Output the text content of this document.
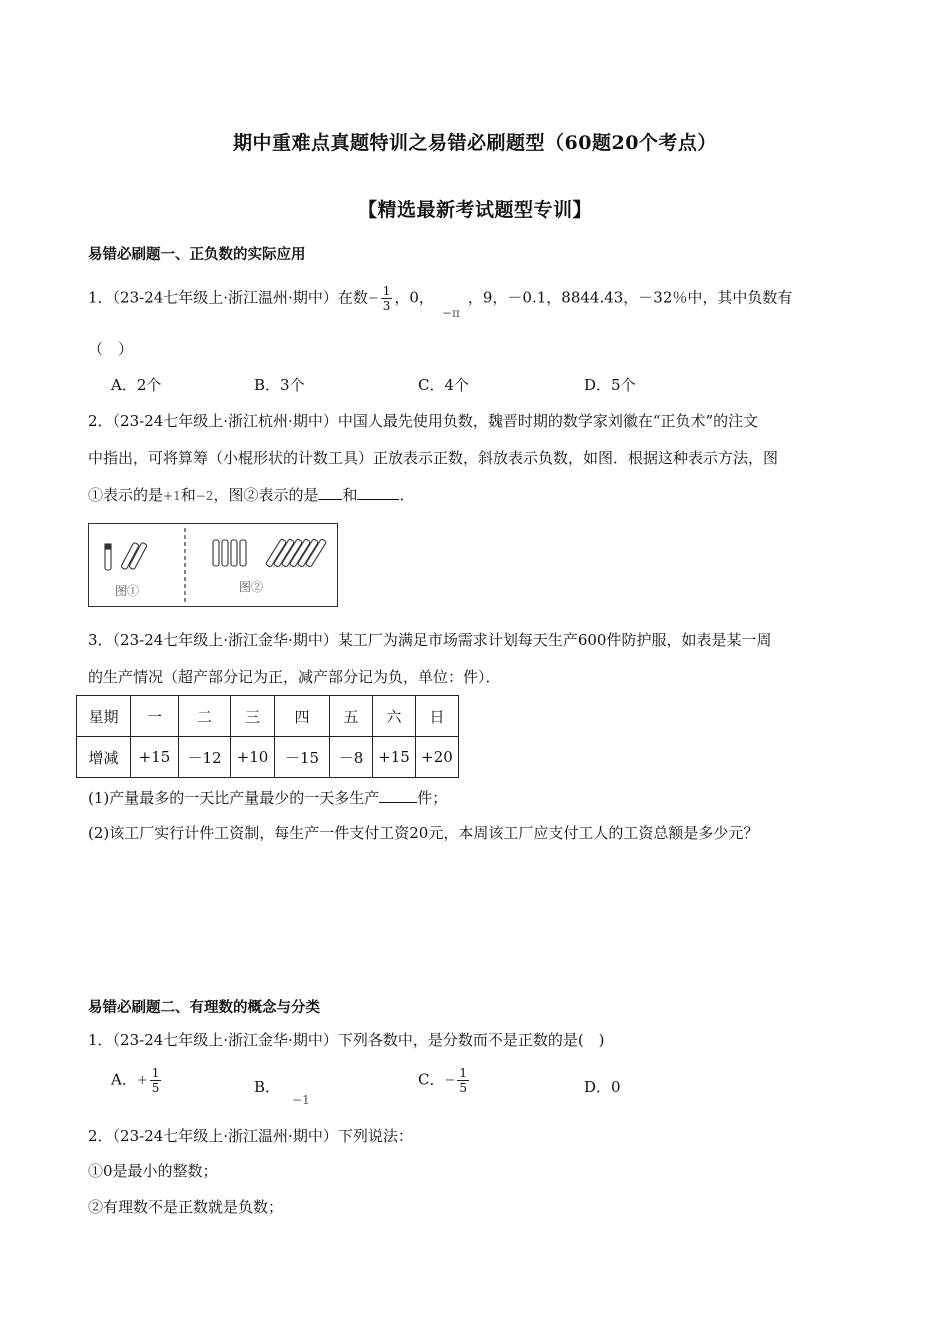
期中重难点真题特训之易错必刷题型（60题20个考点）
【精选最新考试题型专训】
易错必刷题一、正负数的实际应用
1．（23-24七年级上·浙江温州·期中）在数− $\frac{1}{3}$ ，0，$_{-\pi}$，9，－0.1，8844.43，－32％中，其中负数有
（　）
A．2个	B．3个	C．4个	D．5个
2．（23-24七年级上·浙江杭州·期中）中国人最先使用负数，魏晋时期的数学家刘徽在“正负术”的注文
中指出，可将算筹（小棍形状的计数工具）正放表示正数，斜放表示负数，如图．根据这种表示方法，图
①表示的是+1和−2，图②表示的是 和	．
图①	图②
3．（23-24七年级上·浙江金华·期中）某工厂为满足市场需求计划每天生产600件防护服，如表是某一周
的生产情况（超产部分记为正，减产部分记为负，单位：件）．
星期	一	二	三	四	五	六	日
增减	+15	－12	+10	－15	－8	+15	+20
(1)产量最多的一天比产量最少的一天多生产	件；
(2)该工厂实行计件工资制，每生产一件支付工资20元，本周该工厂应支付工人的工资总额是多少元？
易错必刷题二、有理数的概念与分类
1．（23-24七年级上·浙江金华·期中）下列各数中，是分数而不是正数的是(　)
A．+ $\frac{1}{5}$	B．$_{-1}$
C．− $\frac{1}{5}$	D．0
2．（23-24七年级上·浙江温州·期中）下列说法：
①0是最小的整数；
②有理数不是正数就是负数；
